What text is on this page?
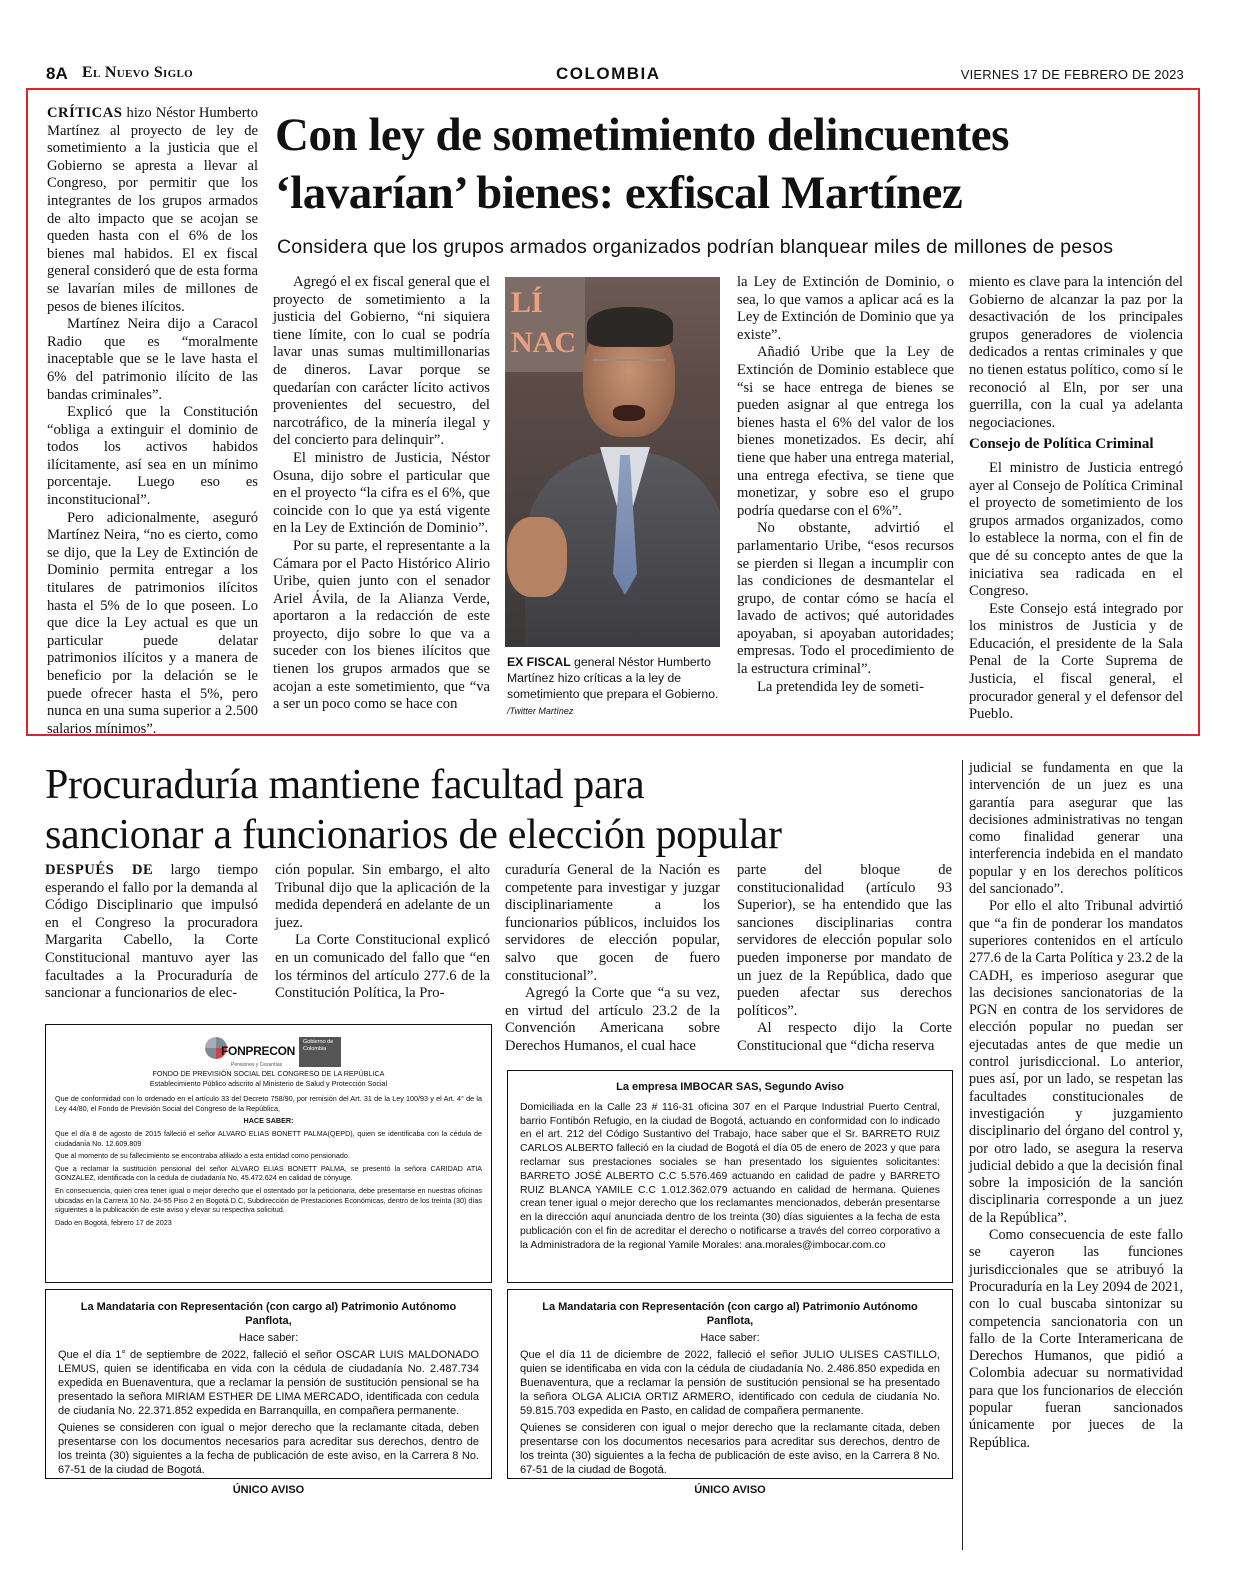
8A El Nuevo Siglo	COLOMBIA	VIERNES 17 DE FEBRERO DE 2023

CRÍTICAS hizo Néstor Humberto Martínez al proyecto de ley de sometimiento a la justicia que el Gobierno se apresta a llevar al Congreso, por permitir que los integrantes de los grupos armados de alto impacto que se acojan se queden hasta con el 6% de los bienes mal habidos. El ex fiscal general consideró que de esta forma se lavarían miles de millones de pesos de bienes ilícitos.

Martínez Neira dijo a Caracol Radio que es “moralmente inaceptable que se le lave hasta el 6% del patrimonio ilícito de las bandas criminales”.

Explicó que la Constitución “obliga a extinguir el dominio de todos los activos habidos ilícitamente, así sea en un mínimo porcentaje. Luego eso es inconstitucional”.

Pero adicionalmente, aseguró Martínez Neira, “no es cierto, como se dijo, que la Ley de Extinción de Dominio permita entregar a los titulares de patrimonios ilícitos hasta el 5% de lo que poseen. Lo que dice la Ley actual es que un particular puede delatar patrimonios ilícitos y a manera de beneficio por la delación se le puede ofrecer hasta el 5%, pero nunca en una suma superior a 2.500 salarios mínimos”.

Con ley de sometimiento delincuentes
‘lavarían’ bienes: exfiscal Martínez
Considera que los grupos armados organizados podrían blanquear miles de millones de pesos

Agregó el ex fiscal general que el proyecto de sometimiento a la justicia del Gobierno, “ni siquiera tiene límite, con lo cual se podría lavar unas sumas multimillonarias de dineros. Lavar porque se quedarían con carácter lícito activos provenientes del secuestro, del narcotráfico, de la minería ilegal y del concierto para delinquir”.

El ministro de Justicia, Néstor Osuna, dijo sobre el particular que en el proyecto “la cifra es el 6%, que coincide con lo que ya está vigente en la Ley de Extinción de Dominio”.

Por su parte, el representante a la Cámara por el Pacto Histórico Alirio Uribe, quien junto con el senador Ariel Ávila, de la Alianza Verde, aportaron a la redacción de este proyecto, dijo sobre lo que va a suceder con los bienes ilícitos que tienen los grupos armados que se acojan a este sometimiento, que “va a ser un poco como se hace con

LÍ NAC
EX FISCAL general Néstor Humberto Martínez hizo críticas a la ley de sometimiento que prepara el Gobierno. /Twitter Martínez

la Ley de Extinción de Dominio, o sea, lo que vamos a aplicar acá es la Ley de Extinción de Dominio que ya existe”.

Añadió Uribe que la Ley de Extinción de Dominio establece que “si se hace entrega de bienes se pueden asignar al que entrega los bienes hasta el 6% del valor de los bienes monetizados. Es decir, ahí tiene que haber una entrega material, una entrega efectiva, se tiene que monetizar, y sobre eso el grupo podría quedarse con el 6%”.

No obstante, advirtió el parlamentario Uribe, “esos recursos se pierden si llegan a incumplir con las condiciones de desmantelar el grupo, de contar cómo se hacía el lavado de activos; qué autoridades apoyaban, si apoyaban autoridades; empresas. Todo el procedimiento de la estructura criminal”.

La pretendida ley de someti-

miento es clave para la intención del Gobierno de alcanzar la paz por la desactivación de los principales grupos generadores de violencia dedicados a rentas criminales y que no tienen estatus político, como sí le reconoció al Eln, por ser una guerrilla, con la cual ya adelanta negociaciones.

Consejo de Política Criminal

El ministro de Justicia entregó ayer al Consejo de Política Criminal el proyecto de sometimiento de los grupos armados organizados, como lo establece la norma, con el fin de que dé su concepto antes de que la iniciativa sea radicada en el Congreso.

Este Consejo está integrado por los ministros de Justicia y de Educación, el presidente de la Sala Penal de la Corte Suprema de Justicia, el fiscal general, el procurador general y el defensor del Pueblo.

Procuraduría mantiene facultad para
sancionar a funcionarios de elección popular

DESPUÉS DE largo tiempo esperando el fallo por la demanda al Código Disciplinario que impulsó en el Congreso la procuradora Margarita Cabello, la Corte Constitucional mantuvo ayer las facultades a la Procuraduría de sancionar a funcionarios de elec-

ción popular. Sin embargo, el alto Tribunal dijo que la aplicación de la medida dependerá en adelante de un juez.

La Corte Constitucional explicó en un comunicado del fallo que “en los términos del artículo 277.6 de la Constitución Política, la Pro-

curaduría General de la Nación es competente para investigar y juzgar disciplinariamente a los funcionarios públicos, incluidos los servidores de elección popular, salvo que gocen de fuero constitucional”.

Agregó la Corte que “a su vez, en virtud del artículo 23.2 de la Convención Americana sobre Derechos Humanos, el cual hace

parte del bloque de constitucionalidad (artículo 93 Superior), se ha entendido que las sanciones disciplinarias contra servidores de elección popular solo pueden imponerse por mandato de un juez de la República, dado que pueden afectar sus derechos políticos”.

Al respecto dijo la Corte Constitucional que “dicha reserva

judicial se fundamenta en que la intervención de un juez es una garantía para asegurar que las decisiones administrativas no tengan como finalidad generar una interferencia indebida en el mandato popular y en los derechos políticos del sancionado”.

Por ello el alto Tribunal advirtió que “a fin de ponderar los mandatos superiores contenidos en el artículo 277.6 de la Carta Política y 23.2 de la CADH, es imperioso asegurar que las decisiones sancionatorias de la PGN en contra de los servidores de elección popular no puedan ser ejecutadas antes de que medie un control jurisdiccional. Lo anterior, pues así, por un lado, se respetan las facultades constitucionales de investigación y juzgamiento disciplinario del órgano del control y, por otro lado, se asegura la reserva judicial debido a que la decisión final sobre la imposición de la sanción disciplinaria corresponde a un juez de la República”.

Como consecuencia de este fallo se cayeron las funciones jurisdiccionales que se atribuyó la Procuraduría en la Ley 2094 de 2021, con lo cual buscaba sintonizar su competencia sancionatoria con un fallo de la Corte Interamericana de Derechos Humanos, que pidió a Colombia adecuar su normatividad para que los funcionarios de elección popular fueran sancionados únicamente por jueces de la República.

FONPRECON
Pensiones y Cesantías
Gobierno de Colombia

FONDO DE PREVISIÓN SOCIAL DEL CONGRESO DE LA REPÚBLICA

Establecimiento Público adscrito al Ministerio de Salud y Protección Social

Que de conformidad con lo ordenado en el artículo 33 del Decreto 758/90, por remisión del Art. 31 de la Ley 100/93 y el Art. 4° de la Ley 44/80, el Fondo de Previsión Social del Congreso de la República,

HACE SABER:

Que el día 8 de agosto de 2015 falleció el señor ALVARO ELIAS BONETT PALMA(QEPD), quien se identificaba con la cédula de ciudadanía No. 12.609.809

Que al momento de su fallecimiento se encontraba afiliado a esta entidad como pensionado.

Que a reclamar la sustitución pensional del señor ALVARO ELIAS BONETT PALMA, se presentó la señora CARIDAD ATIA GONZALEZ, identificada con la cédula de ciudadanía No. 45.472.624 en calidad de cónyuge.

En consecuencia, quien crea tener igual o mejor derecho que el ostentado por la peticionaria, debe presentarse en nuestras oficinas ubicadas en la Carrera 10 No. 24-55 Piso 2 en Bogotá D.C, Subdirección de Prestaciones Económicas, dentro de los treinta (30) días siguientes a la publicación de este aviso y elevar su respectiva solicitud.

Dado en Bogotá, febrero 17 de 2023

La empresa IMBOCAR SAS, Segundo Aviso

Domiciliada en la Calle 23 # 116-31 oficina 307 en el Parque Industrial Puerto Central, barrio Fontibón Refugio, en la ciudad de Bogotá, actuando en conformidad con lo indicado en el art. 212 del Código Sustantivo del Trabajo, hace saber que el Sr. BARRETO RUIZ CARLOS ALBERTO falleció en la ciudad de Bogotá el día 05 de enero de 2023 y que para reclamar sus prestaciones sociales se han presentado los siguientes solicitantes: BARRETO JOSÉ ALBERTO C.C 5.576.469 actuando en calidad de padre y BARRETO RUIZ BLANCA YAMILE C.C 1.012.362.079 actuando en calidad de hermana. Quienes crean tener igual o mejor derecho que los reclamantes mencionados, deberán presentarse en la dirección aquí anunciada dentro de los treinta (30) días siguientes a la fecha de esta publicación con el fin de acreditar el derecho o notificarse a través del correo corporativo a la Administradora de la regional Yamile Morales: ana.morales@imbocar.com.co

La Mandataria con Representación (con cargo al) Patrimonio Autónomo Panflota,

Hace saber:

Que el día 1° de septiembre de 2022, falleció el señor OSCAR LUIS MALDONADO LEMUS, quien se identificaba en vida con la cédula de ciudadanía No. 2.487.734 expedida en Buenaventura, que a reclamar la pensión de sustitución pensional se ha presentado la señora MIRIAM ESTHER DE LIMA MERCADO, identificada con cedula de ciudanía No. 22.371.852 expedida en Barranquilla, en compañera permanente.

Quienes se consideren con igual o mejor derecho que la reclamante citada, deben presentarse con los documentos necesarios para acreditar sus derechos, dentro de los treinta (30) siguientes a la fecha de publicación de este aviso, en la Carrera 8 No. 67-51 de la ciudad de Bogotá.

ÚNICO AVISO

La Mandataria con Representación (con cargo al) Patrimonio Autónomo Panflota,

Hace saber:

Que el día 11 de diciembre de 2022, falleció el señor JULIO ULISES CASTILLO, quien se identificaba en vida con la cédula de ciudadanía No. 2.486.850 expedida en Buenaventura, que a reclamar la pensión de sustitución pensional se ha presentado la señora OLGA ALICIA ORTIZ ARMERO, identificado con cedula de ciudanía No. 59.815.703 expedida en Pasto, en calidad de compañera permanente.

Quienes se consideren con igual o mejor derecho que la reclamante citada, deben presentarse con los documentos necesarios para acreditar sus derechos, dentro de los treinta (30) siguientes a la fecha de publicación de este aviso, en la Carrera 8 No. 67-51 de la ciudad de Bogotá.

ÚNICO AVISO
